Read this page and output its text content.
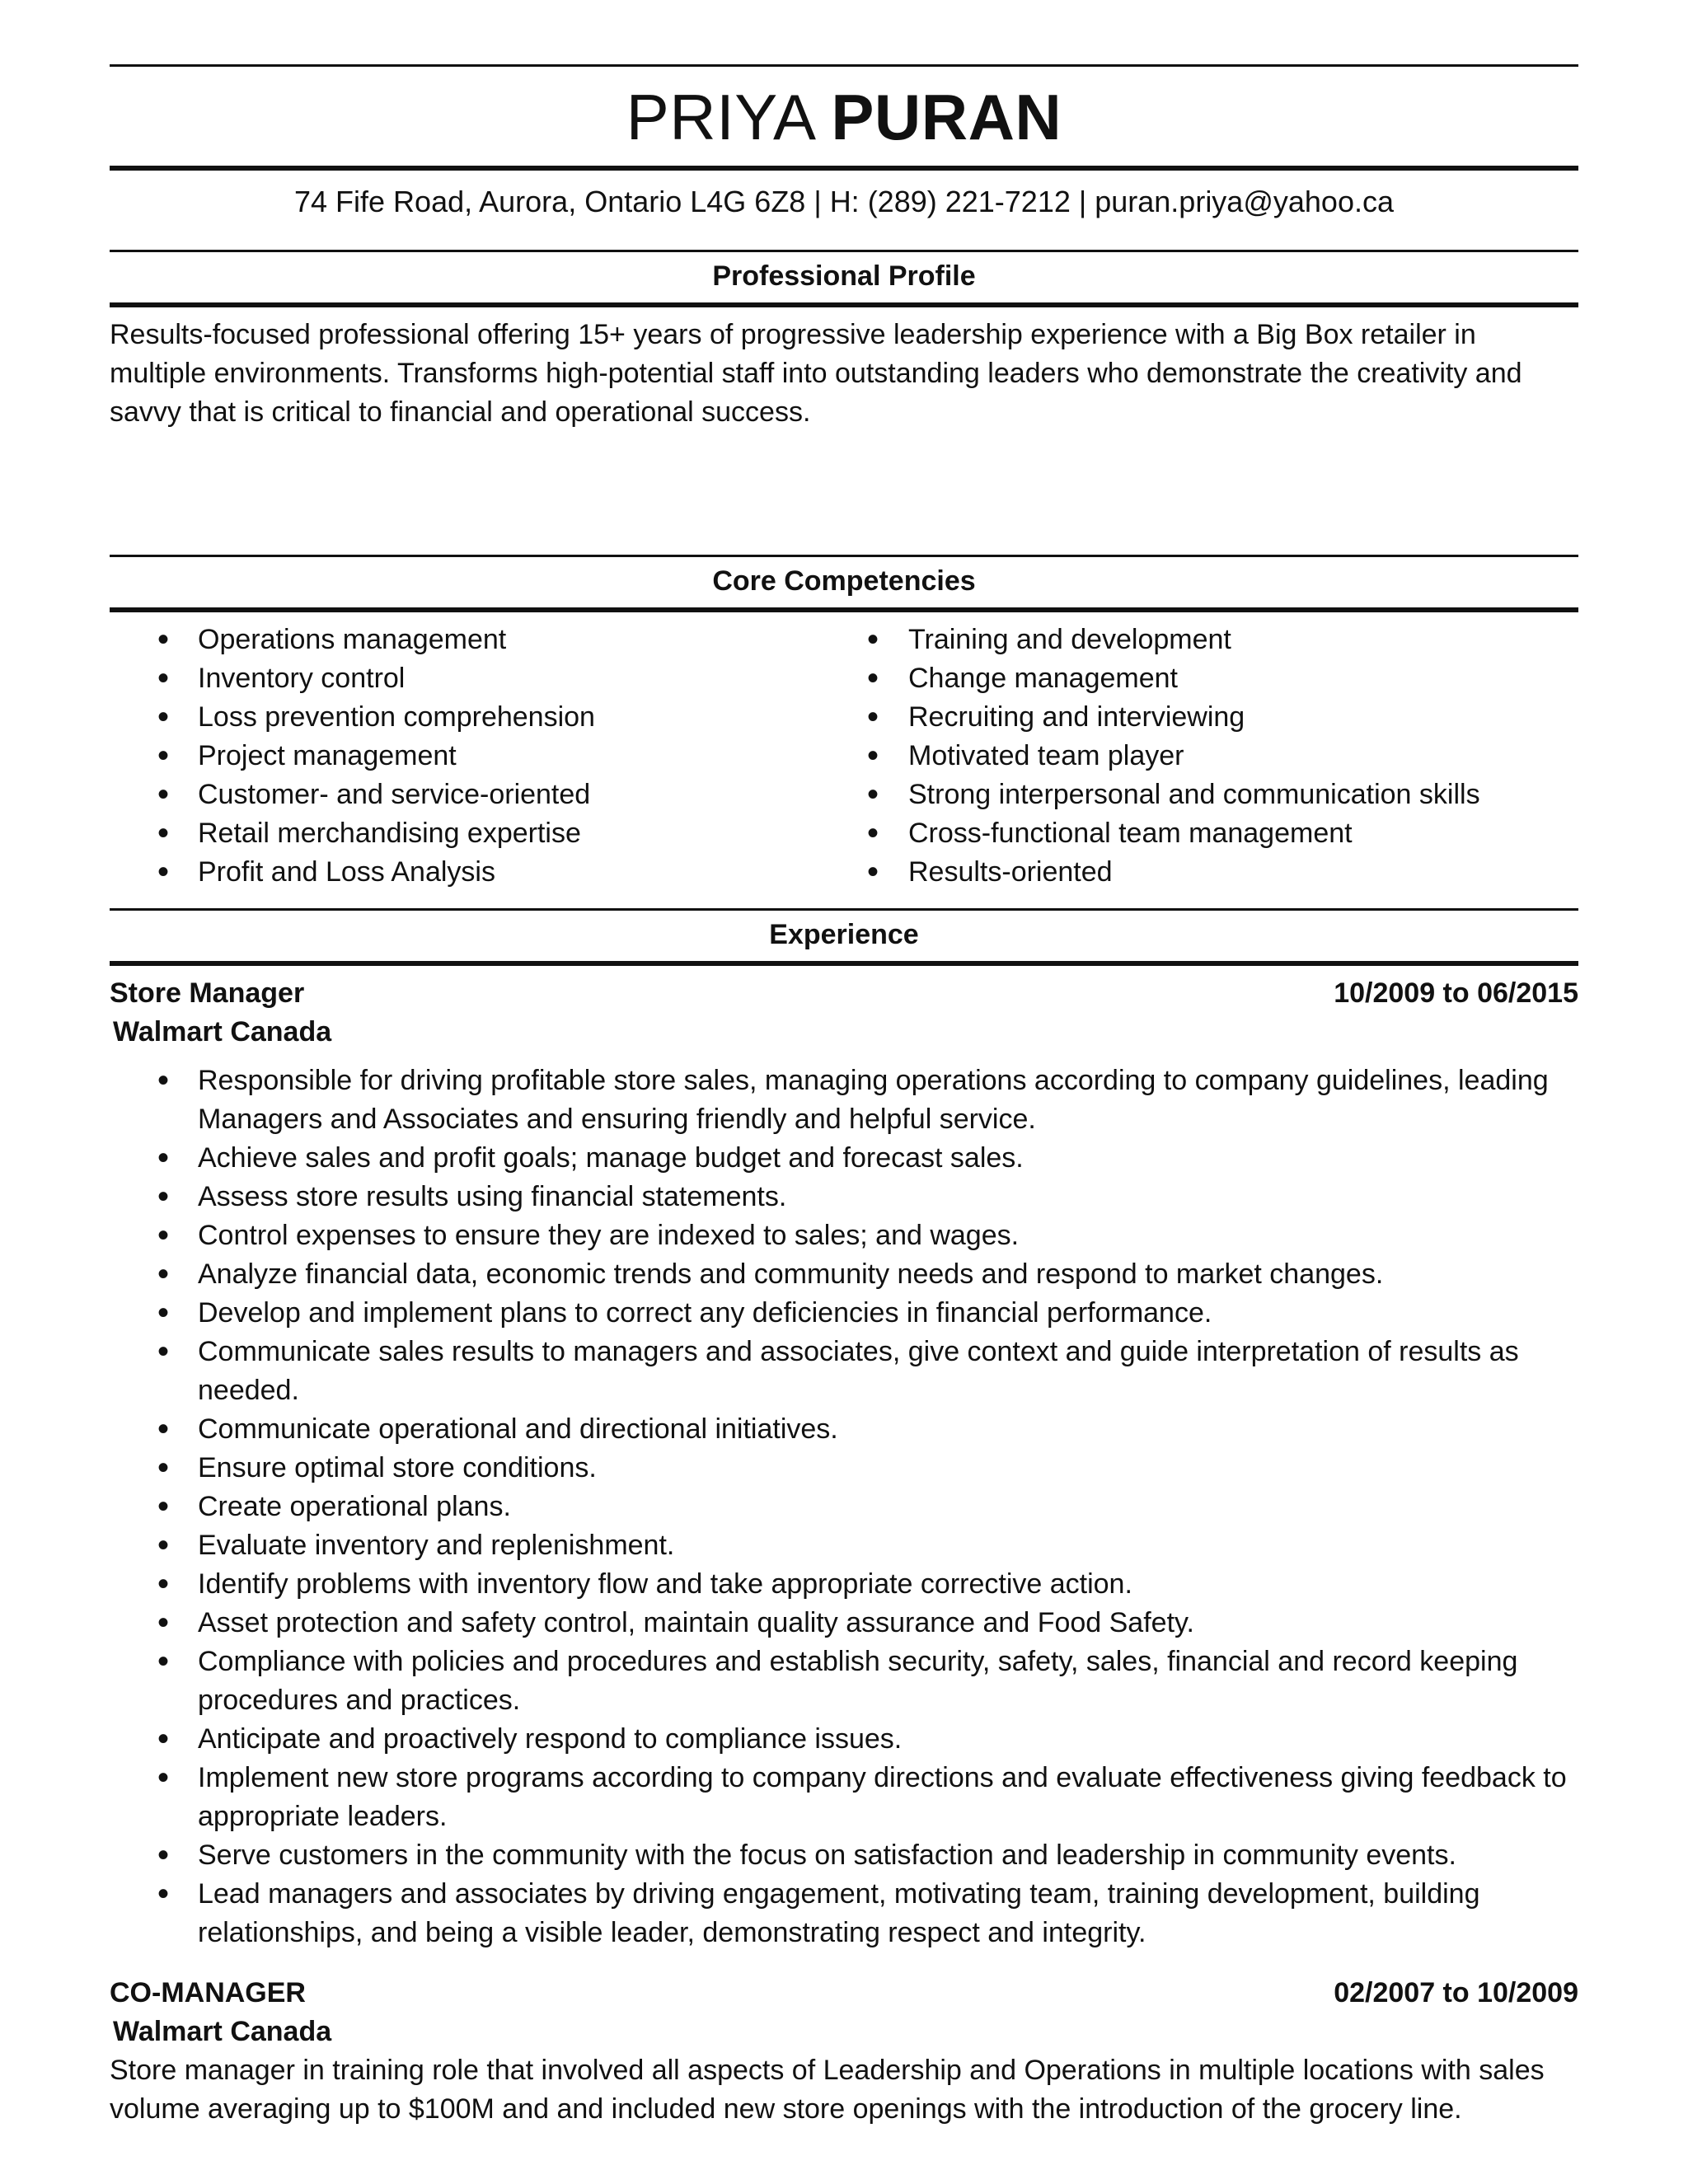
PRIYA PURAN
74 Fife Road, Aurora, Ontario L4G 6Z8 | H: (289) 221-7212 | puran.priya@yahoo.ca
Professional Profile
Results-focused professional offering 15+ years of progressive leadership experience with a Big Box retailer in multiple environments. Transforms high-potential staff into outstanding leaders who demonstrate the creativity and savvy that is critical to financial and operational success.
Core Competencies
• Operations management
• Inventory control
• Loss prevention comprehension
• Project management
• Customer- and service-oriented
• Retail merchandising expertise
• Profit and Loss Analysis
• Training and development
• Change management
• Recruiting and interviewing
• Motivated team player
• Strong interpersonal and communication skills
• Cross-functional team management
• Results-oriented
Experience
Store Manager	10/2009 to 06/2015
Walmart Canada
• Responsible for driving profitable store sales, managing operations according to company guidelines, leading Managers and Associates and ensuring friendly and helpful service.
• Achieve sales and profit goals; manage budget and forecast sales.
• Assess store results using financial statements.
• Control expenses to ensure they are indexed to sales; and wages.
• Analyze financial data, economic trends and community needs and respond to market changes.
• Develop and implement plans to correct any deficiencies in financial performance.
• Communicate sales results to managers and associates, give context and guide interpretation of results as needed.
• Communicate operational and directional initiatives.
• Ensure optimal store conditions.
• Create operational plans.
• Evaluate inventory and replenishment.
• Identify problems with inventory flow and take appropriate corrective action.
• Asset protection and safety control, maintain quality assurance and Food Safety.
• Compliance with policies and procedures and establish security, safety, sales, financial and record keeping procedures and practices.
• Anticipate and proactively respond to compliance issues.
• Implement new store programs according to company directions and evaluate effectiveness giving feedback to appropriate leaders.
• Serve customers in the community with the focus on satisfaction and leadership in community events.
• Lead managers and associates by driving engagement, motivating team, training development, building relationships, and being a visible leader, demonstrating respect and integrity.
CO-MANAGER	02/2007 to 10/2009
Walmart Canada
Store manager in training role that involved all aspects of Leadership and Operations in multiple locations with sales volume averaging up to $100M and and included new store openings with the introduction of the grocery line.
